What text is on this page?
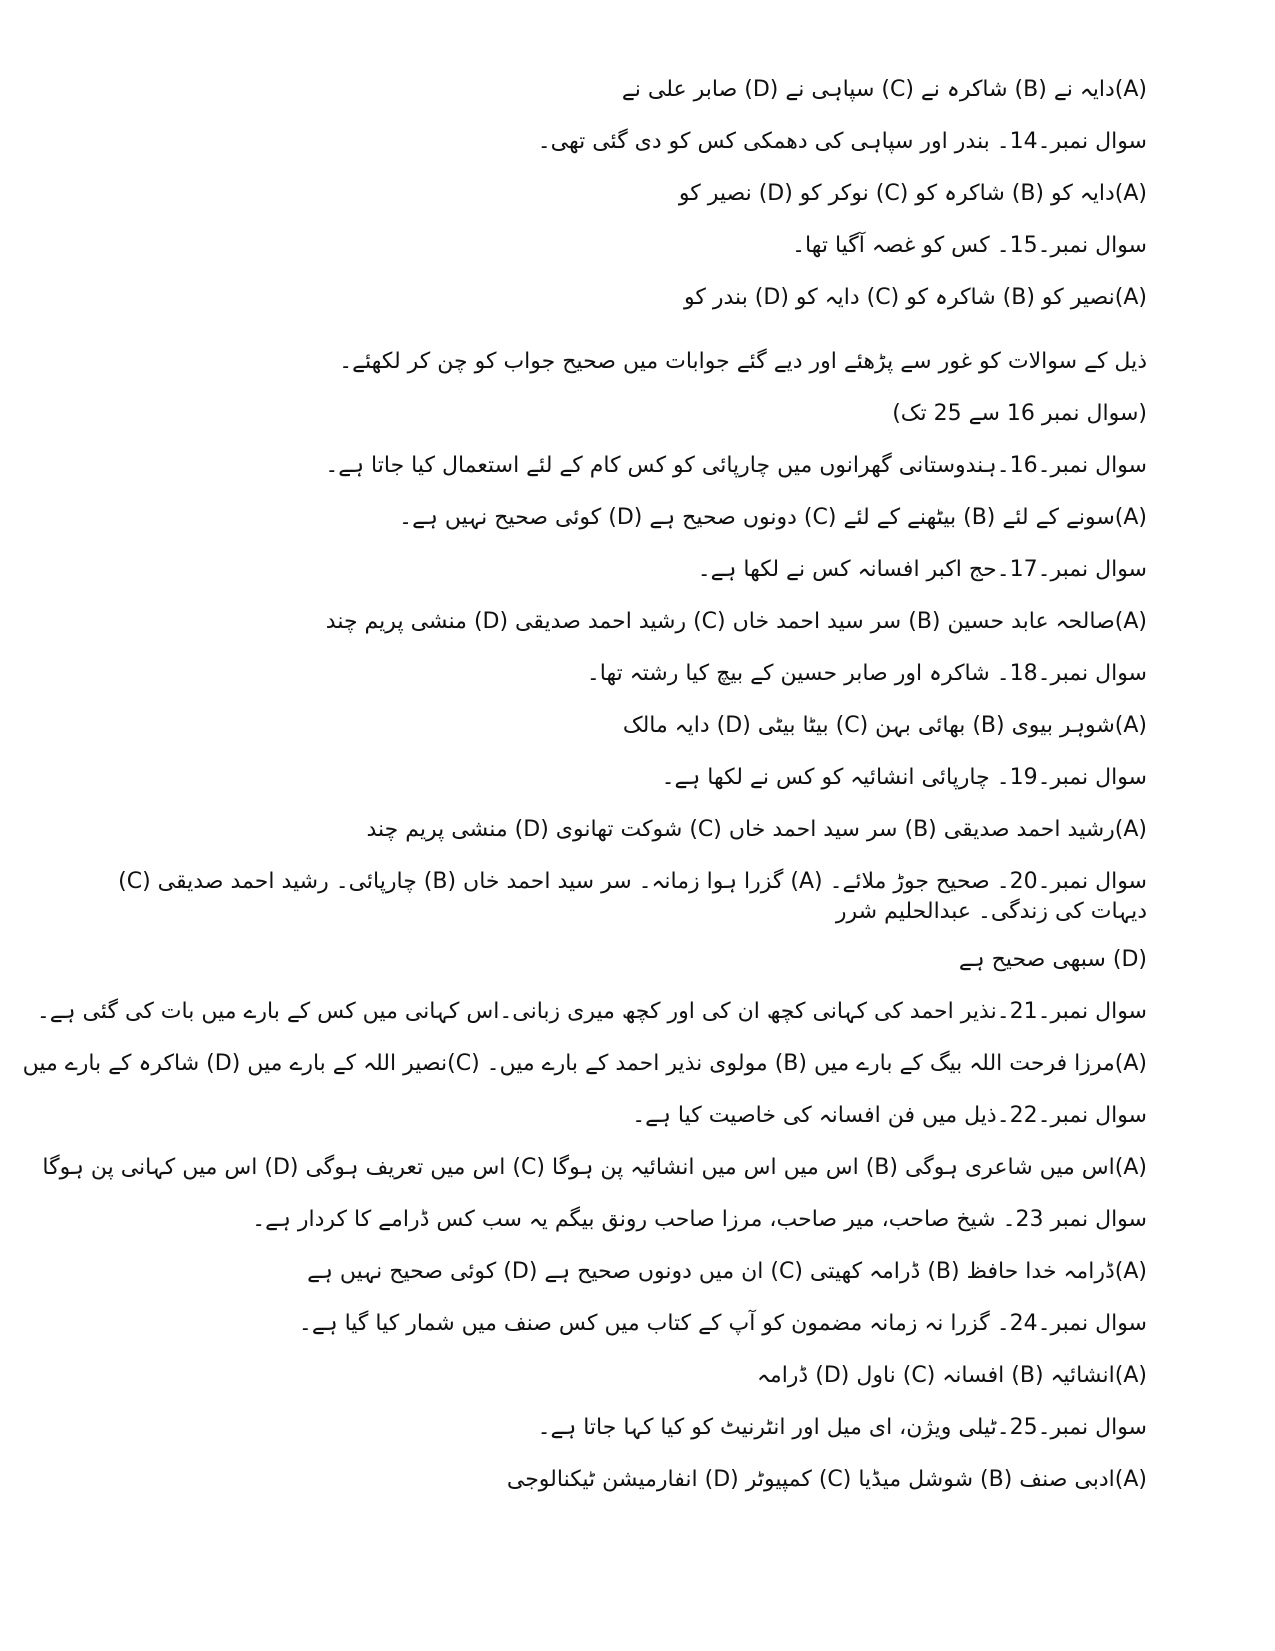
(A)دایہ نے (B) شاکرہ نے (C) سپاہی نے (D) صابر علی نے
سوال نمبر۔14۔ بندر اور سپاہی کی دھمکی کس کو دی گئی تھی۔
(A)دایہ کو (B) شاکرہ کو (C) نوکر کو (D) نصیر کو
سوال نمبر۔15۔ کس کو غصہ آگیا تھا۔
(A)نصیر کو (B) شاکرہ کو (C) دایہ کو (D) بندر کو
ذیل کے سوالات کو غور سے پڑھئے اور دیے گئے جوابات میں صحیح جواب کو چن کر لکھئے۔
(سوال نمبر 16 سے 25 تک)
سوال نمبر۔16۔ہندوستانی گھرانوں میں چارپائی کو کس کام کے لئے استعمال کیا جاتا ہے۔
(A)سونے کے لئے (B) بیٹھنے کے لئے (C) دونوں صحیح ہے (D) کوئی صحیح نہیں ہے۔
سوال نمبر۔17۔حج اکبر افسانہ کس نے لکھا ہے۔
(A)صالحہ عابد حسین (B) سر سید احمد خاں (C) رشید احمد صدیقی (D) منشی پریم چند
سوال نمبر۔18۔ شاکرہ اور صابر حسین کے بیچ کیا رشتہ تھا۔
(A)شوہر بیوی (B) بھائی بہن (C) بیٹا بیٹی (D) دایہ مالک
سوال نمبر۔19۔ چارپائی انشائیہ کو کس نے لکھا ہے۔
(A)رشید احمد صدیقی (B) سر سید احمد خاں (C) شوکت تھانوی (D) منشی پریم چند
سوال نمبر۔20۔ صحیح جوڑ ملائے۔ (A) گزرا ہوا زمانہ۔ سر سید احمد خاں (B) چارپائی۔ رشید احمد صدیقی (C) دیہات کی زندگی۔ عبدالحلیم شرر
(D) سبھی صحیح ہے
سوال نمبر۔21۔نذیر احمد کی کہانی کچھ ان کی اور کچھ میری زبانی۔اس کہانی میں کس کے بارے میں بات کی گئی ہے۔
(A)مرزا فرحت اللہ بیگ کے بارے میں (B) مولوی نذیر احمد کے بارے میں۔ (C)نصیر اللہ کے بارے میں (D) شاکرہ کے بارے میں
سوال نمبر۔22۔ذیل میں فن افسانہ کی خاصیت کیا ہے۔
(A)اس میں شاعری ہوگی (B) اس میں اس میں انشائیہ پن ہوگا (C) اس میں تعریف ہوگی (D) اس میں کہانی پن ہوگا
سوال نمبر 23۔ شیخ صاحب، میر صاحب، مرزا صاحب رونق بیگم یہ سب کس ڈرامے کا کردار ہے۔
(A)ڈرامہ خدا حافظ (B) ڈرامہ کھیتی (C) ان میں دونوں صحیح ہے (D) کوئی صحیح نہیں ہے
سوال نمبر۔24۔ گزرا نہ زمانہ مضمون کو آپ کے کتاب میں کس صنف میں شمار کیا گیا ہے۔
(A)انشائیہ (B) افسانہ (C) ناول (D) ڈرامہ
سوال نمبر۔25۔ٹیلی ویژن، ای میل اور انٹرنیٹ کو کیا کہا جاتا ہے۔
(A)ادبی صنف (B) شوشل میڈیا (C) کمپیوٹر (D) انفارمیشن ٹیکنالوجی
